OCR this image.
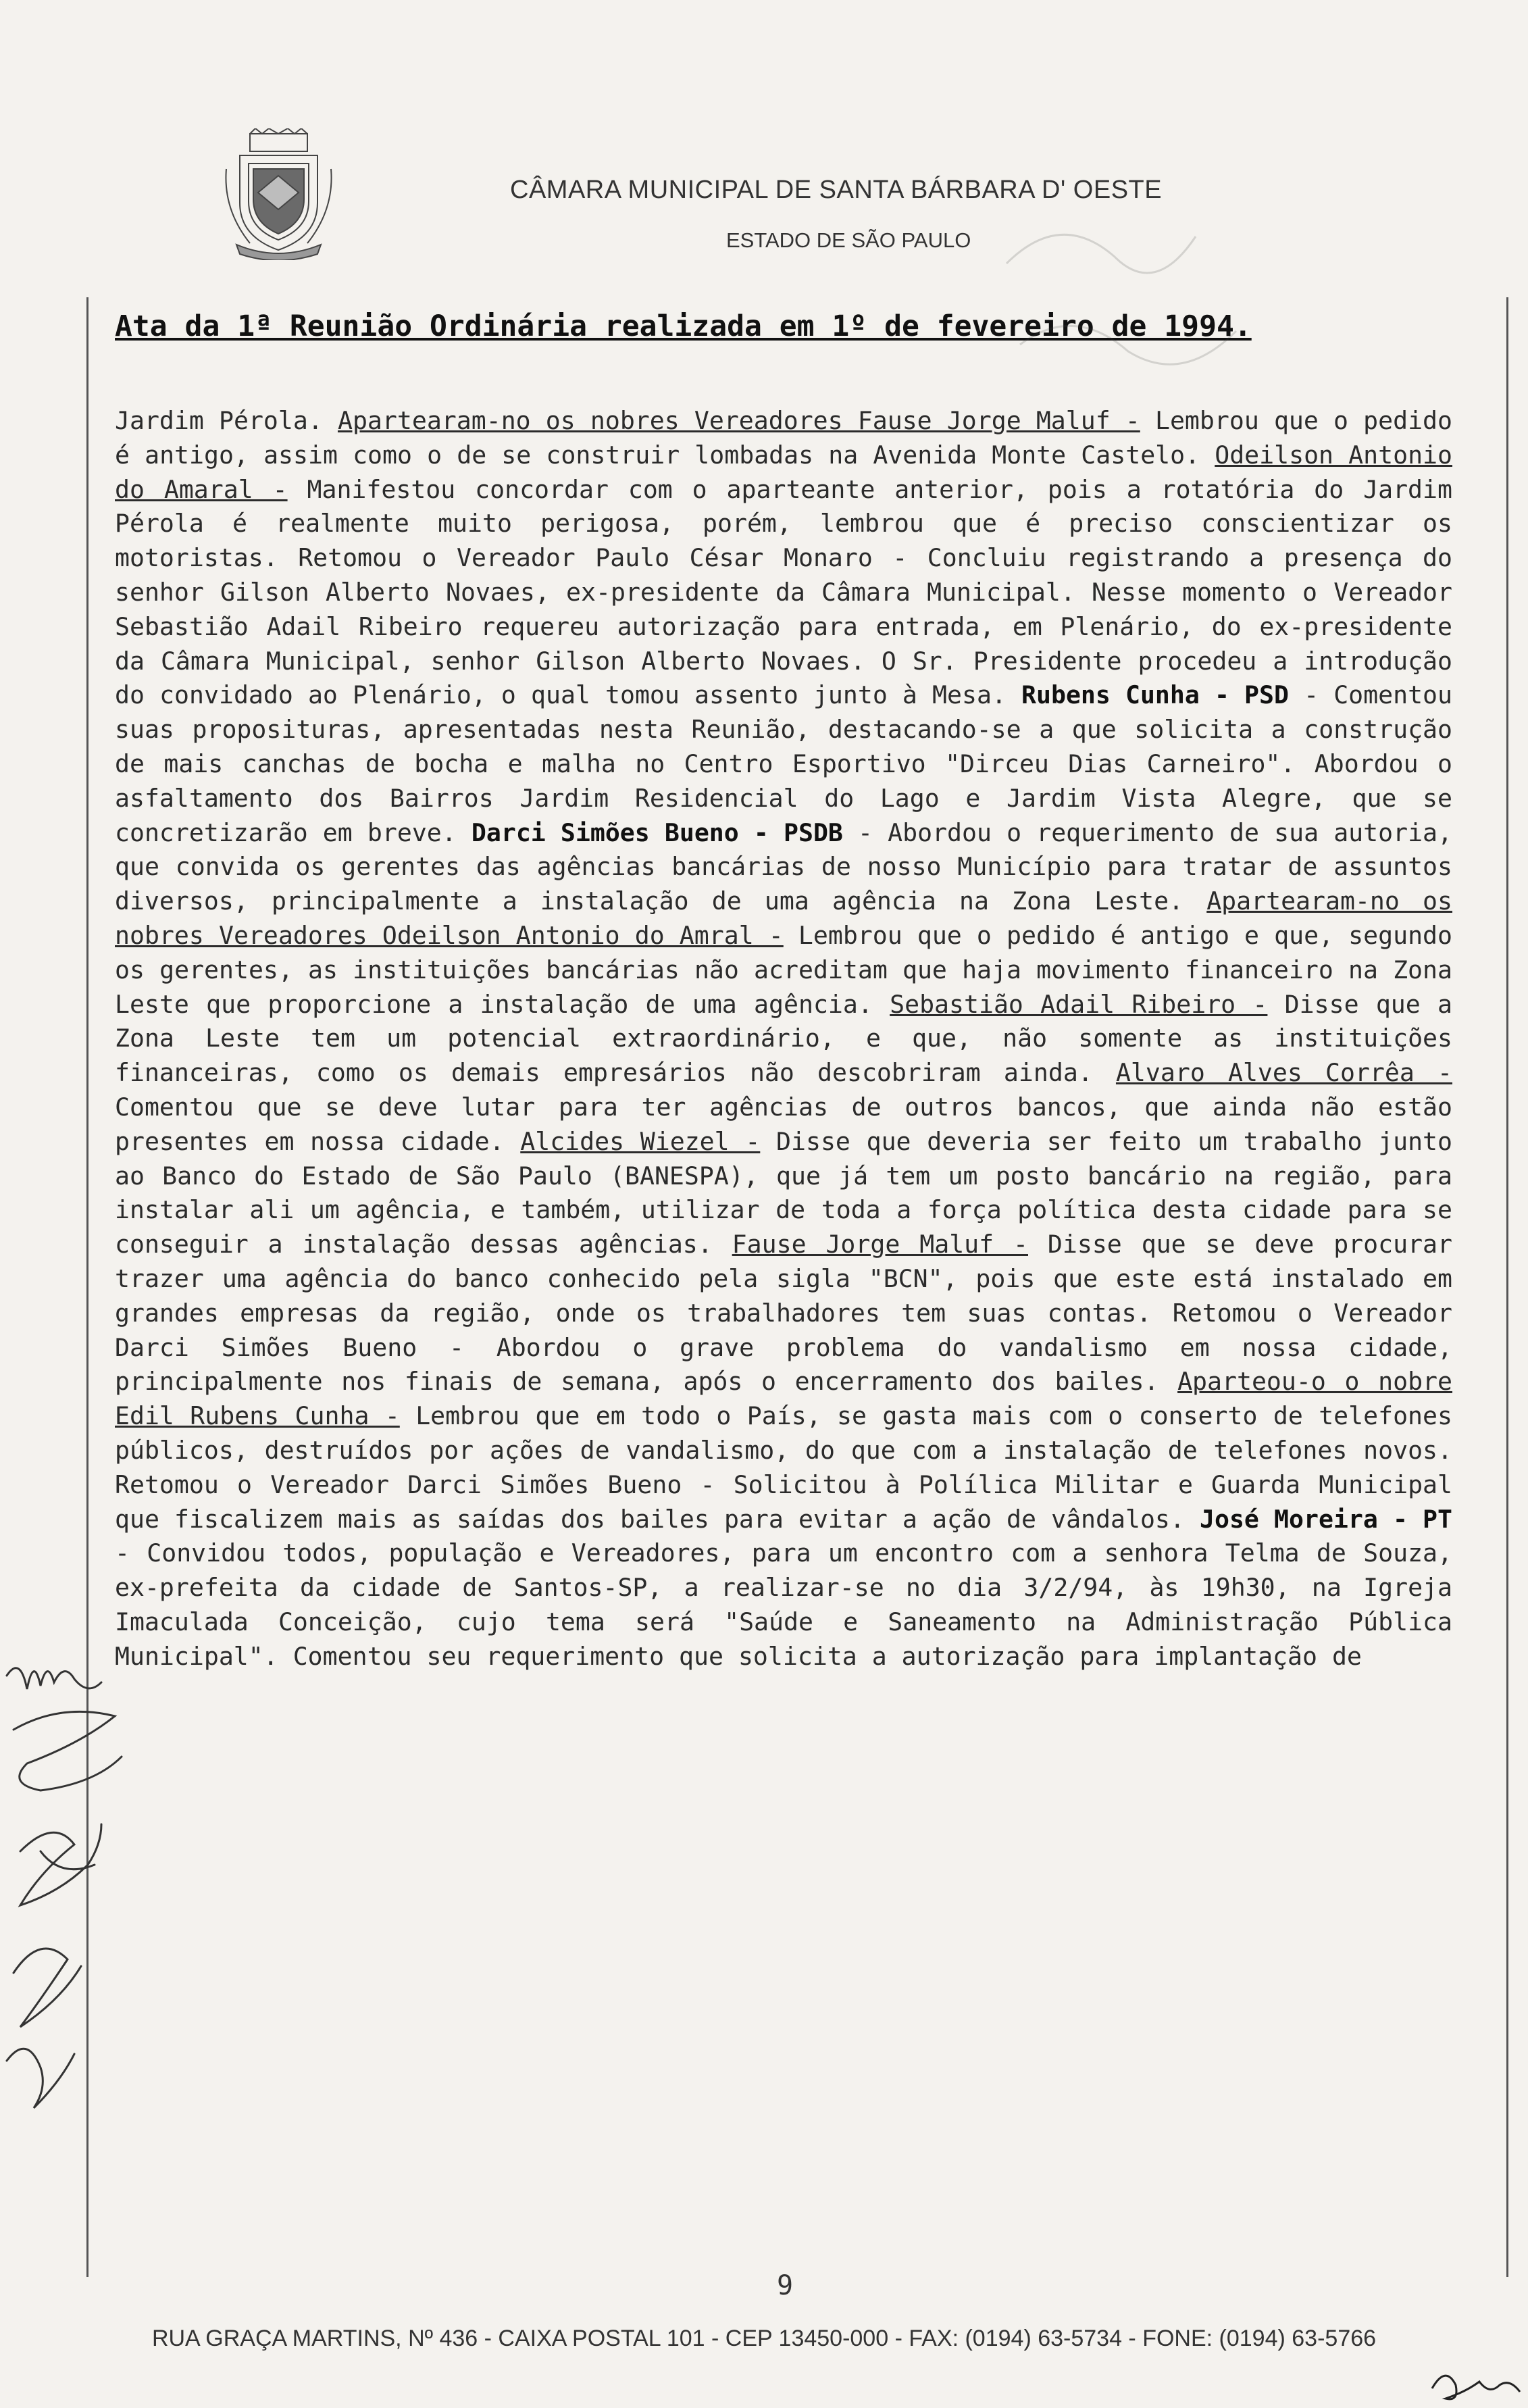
CÂMARA MUNICIPAL DE SANTA BÁRBARA D' OESTE
ESTADO DE SÃO PAULO
Ata da 1ª Reunião Ordinária realizada em 1º de fevereiro de 1994.
Jardim Pérola. Apartearam-no os nobres Vereadores Fause Jorge Maluf - Lembrou que o pedido é antigo, assim como o de se construir lombadas na Avenida Monte Castelo. Odeilson Antonio do Amaral - Manifestou concordar com o aparteante anterior, pois a rotatória do Jardim Pérola é realmente muito perigosa, porém, lembrou que é preciso conscientizar os motoristas. Retomou o Vereador Paulo César Monaro - Concluiu registrando a presença do senhor Gilson Alberto Novaes, ex-presidente da Câmara Municipal. Nesse momento o Vereador Sebastião Adail Ribeiro requereu autorização para entrada, em Plenário, do ex-presidente da Câmara Municipal, senhor Gilson Alberto Novaes. O Sr. Presidente procedeu a introdução do convidado ao Plenário, o qual tomou assento junto à Mesa. Rubens Cunha - PSD - Comentou suas proposituras, apresentadas nesta Reunião, destacando-se a que solicita a construção de mais canchas de bocha e malha no Centro Esportivo "Dirceu Dias Carneiro". Abordou o asfaltamento dos Bairros Jardim Residencial do Lago e Jardim Vista Alegre, que se concretizarão em breve. Darci Simões Bueno - PSDB - Abordou o requerimento de sua autoria, que convida os gerentes das agências bancárias de nosso Município para tratar de assuntos diversos, principalmente a instalação de uma agência na Zona Leste. Apartearam-no os nobres Vereadores Odeilson Antonio do Amral - Lembrou que o pedido é antigo e que, segundo os gerentes, as instituições bancárias não acreditam que haja movimento financeiro na Zona Leste que proporcione a instalação de uma agência. Sebastião Adail Ribeiro - Disse que a Zona Leste tem um potencial extraordinário, e que, não somente as instituições financeiras, como os demais empresários não descobriram ainda. Alvaro Alves Corrêa - Comentou que se deve lutar para ter agências de outros bancos, que ainda não estão presentes em nossa cidade. Alcides Wiezel - Disse que deveria ser feito um trabalho junto ao Banco do Estado de São Paulo (BANESPA), que já tem um posto bancário na região, para instalar ali um agência, e também, utilizar de toda a força política desta cidade para se conseguir a instalação dessas agências. Fause Jorge Maluf - Disse que se deve procurar trazer uma agência do banco conhecido pela sigla "BCN", pois que este está instalado em grandes empresas da região, onde os trabalhadores tem suas contas. Retomou o Vereador Darci Simões Bueno - Abordou o grave problema do vandalismo em nossa cidade, principalmente nos finais de semana, após o encerramento dos bailes. Aparteou-o o nobre Edil Rubens Cunha - Lembrou que em todo o País, se gasta mais com o conserto de telefones públicos, destruídos por ações de vandalismo, do que com a instalação de telefones novos. Retomou o Vereador Darci Simões Bueno - Solicitou à Polílica Militar e Guarda Municipal que fiscalizem mais as saídas dos bailes para evitar a ação de vândalos. José Moreira - PT - Convidou todos, população e Vereadores, para um encontro com a senhora Telma de Souza, ex-prefeita da cidade de Santos-SP, a realizar-se no dia 3/2/94, às 19h30, na Igreja Imaculada Conceição, cujo tema será "Saúde e Saneamento na Administração Pública Municipal". Comentou seu requerimento que solicita a autorização para implantação de
9
RUA GRAÇA MARTINS, Nº 436 - CAIXA POSTAL 101 - CEP 13450-000 - FAX: (0194) 63-5734 - FONE: (0194) 63-5766
